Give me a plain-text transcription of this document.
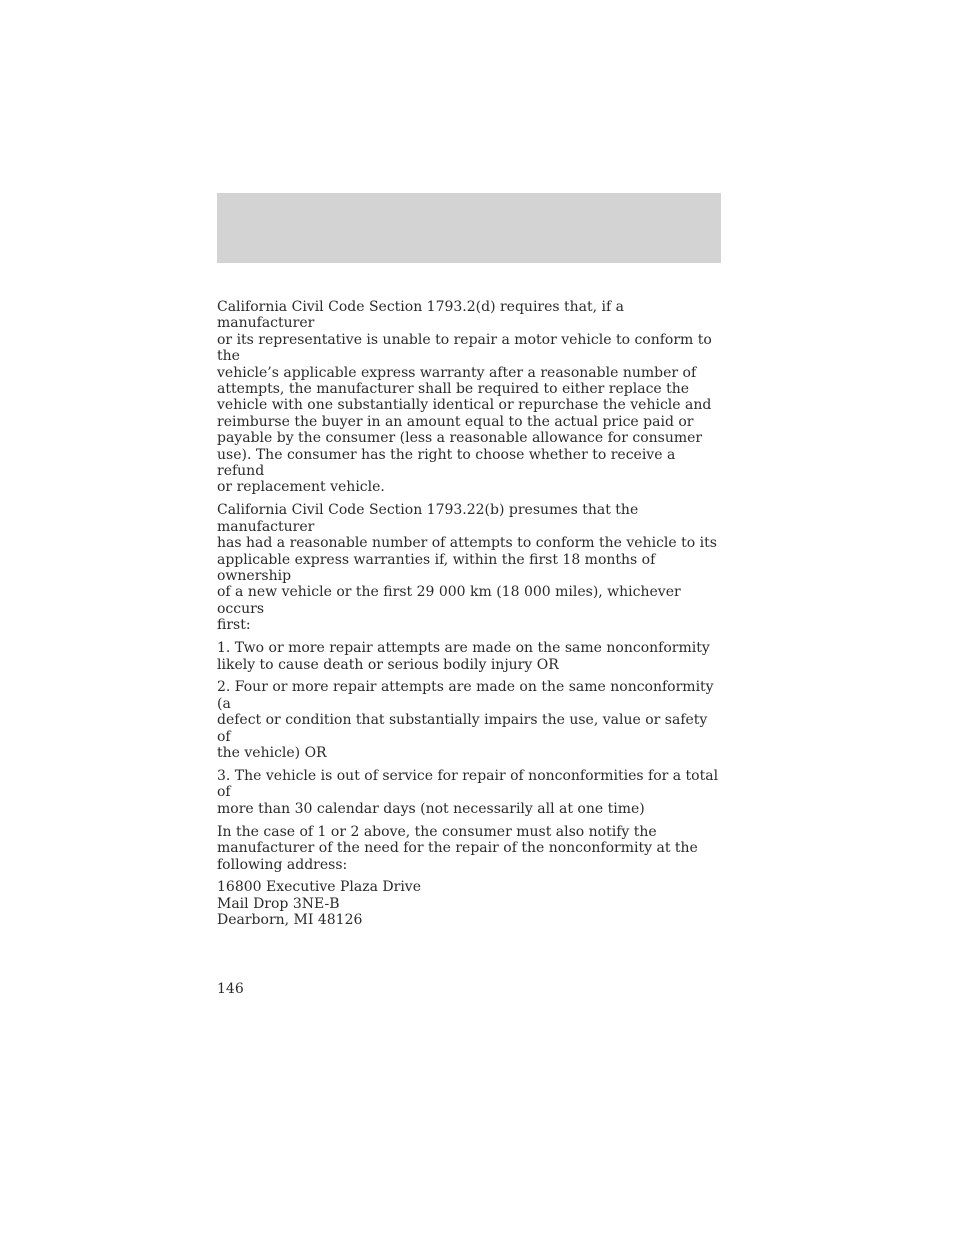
California Civil Code Section 1793.2(d) requires that, if a manufacturer
or its representative is unable to repair a motor vehicle to conform to the
vehicle’s applicable express warranty after a reasonable number of
attempts, the manufacturer shall be required to either replace the
vehicle with one substantially identical or repurchase the vehicle and
reimburse the buyer in an amount equal to the actual price paid or
payable by the consumer (less a reasonable allowance for consumer
use). The consumer has the right to choose whether to receive a refund
or replacement vehicle.

California Civil Code Section 1793.22(b) presumes that the manufacturer
has had a reasonable number of attempts to conform the vehicle to its
applicable express warranties if, within the first 18 months of ownership
of a new vehicle or the first 29 000 km (18 000 miles), whichever occurs
first:

1. Two or more repair attempts are made on the same nonconformity
likely to cause death or serious bodily injury OR

2. Four or more repair attempts are made on the same nonconformity (a
defect or condition that substantially impairs the use, value or safety of
the vehicle) OR

3. The vehicle is out of service for repair of nonconformities for a total of
more than 30 calendar days (not necessarily all at one time)

In the case of 1 or 2 above, the consumer must also notify the
manufacturer of the need for the repair of the nonconformity at the
following address:

16800 Executive Plaza Drive
Mail Drop 3NE-B
Dearborn, MI 48126

146
